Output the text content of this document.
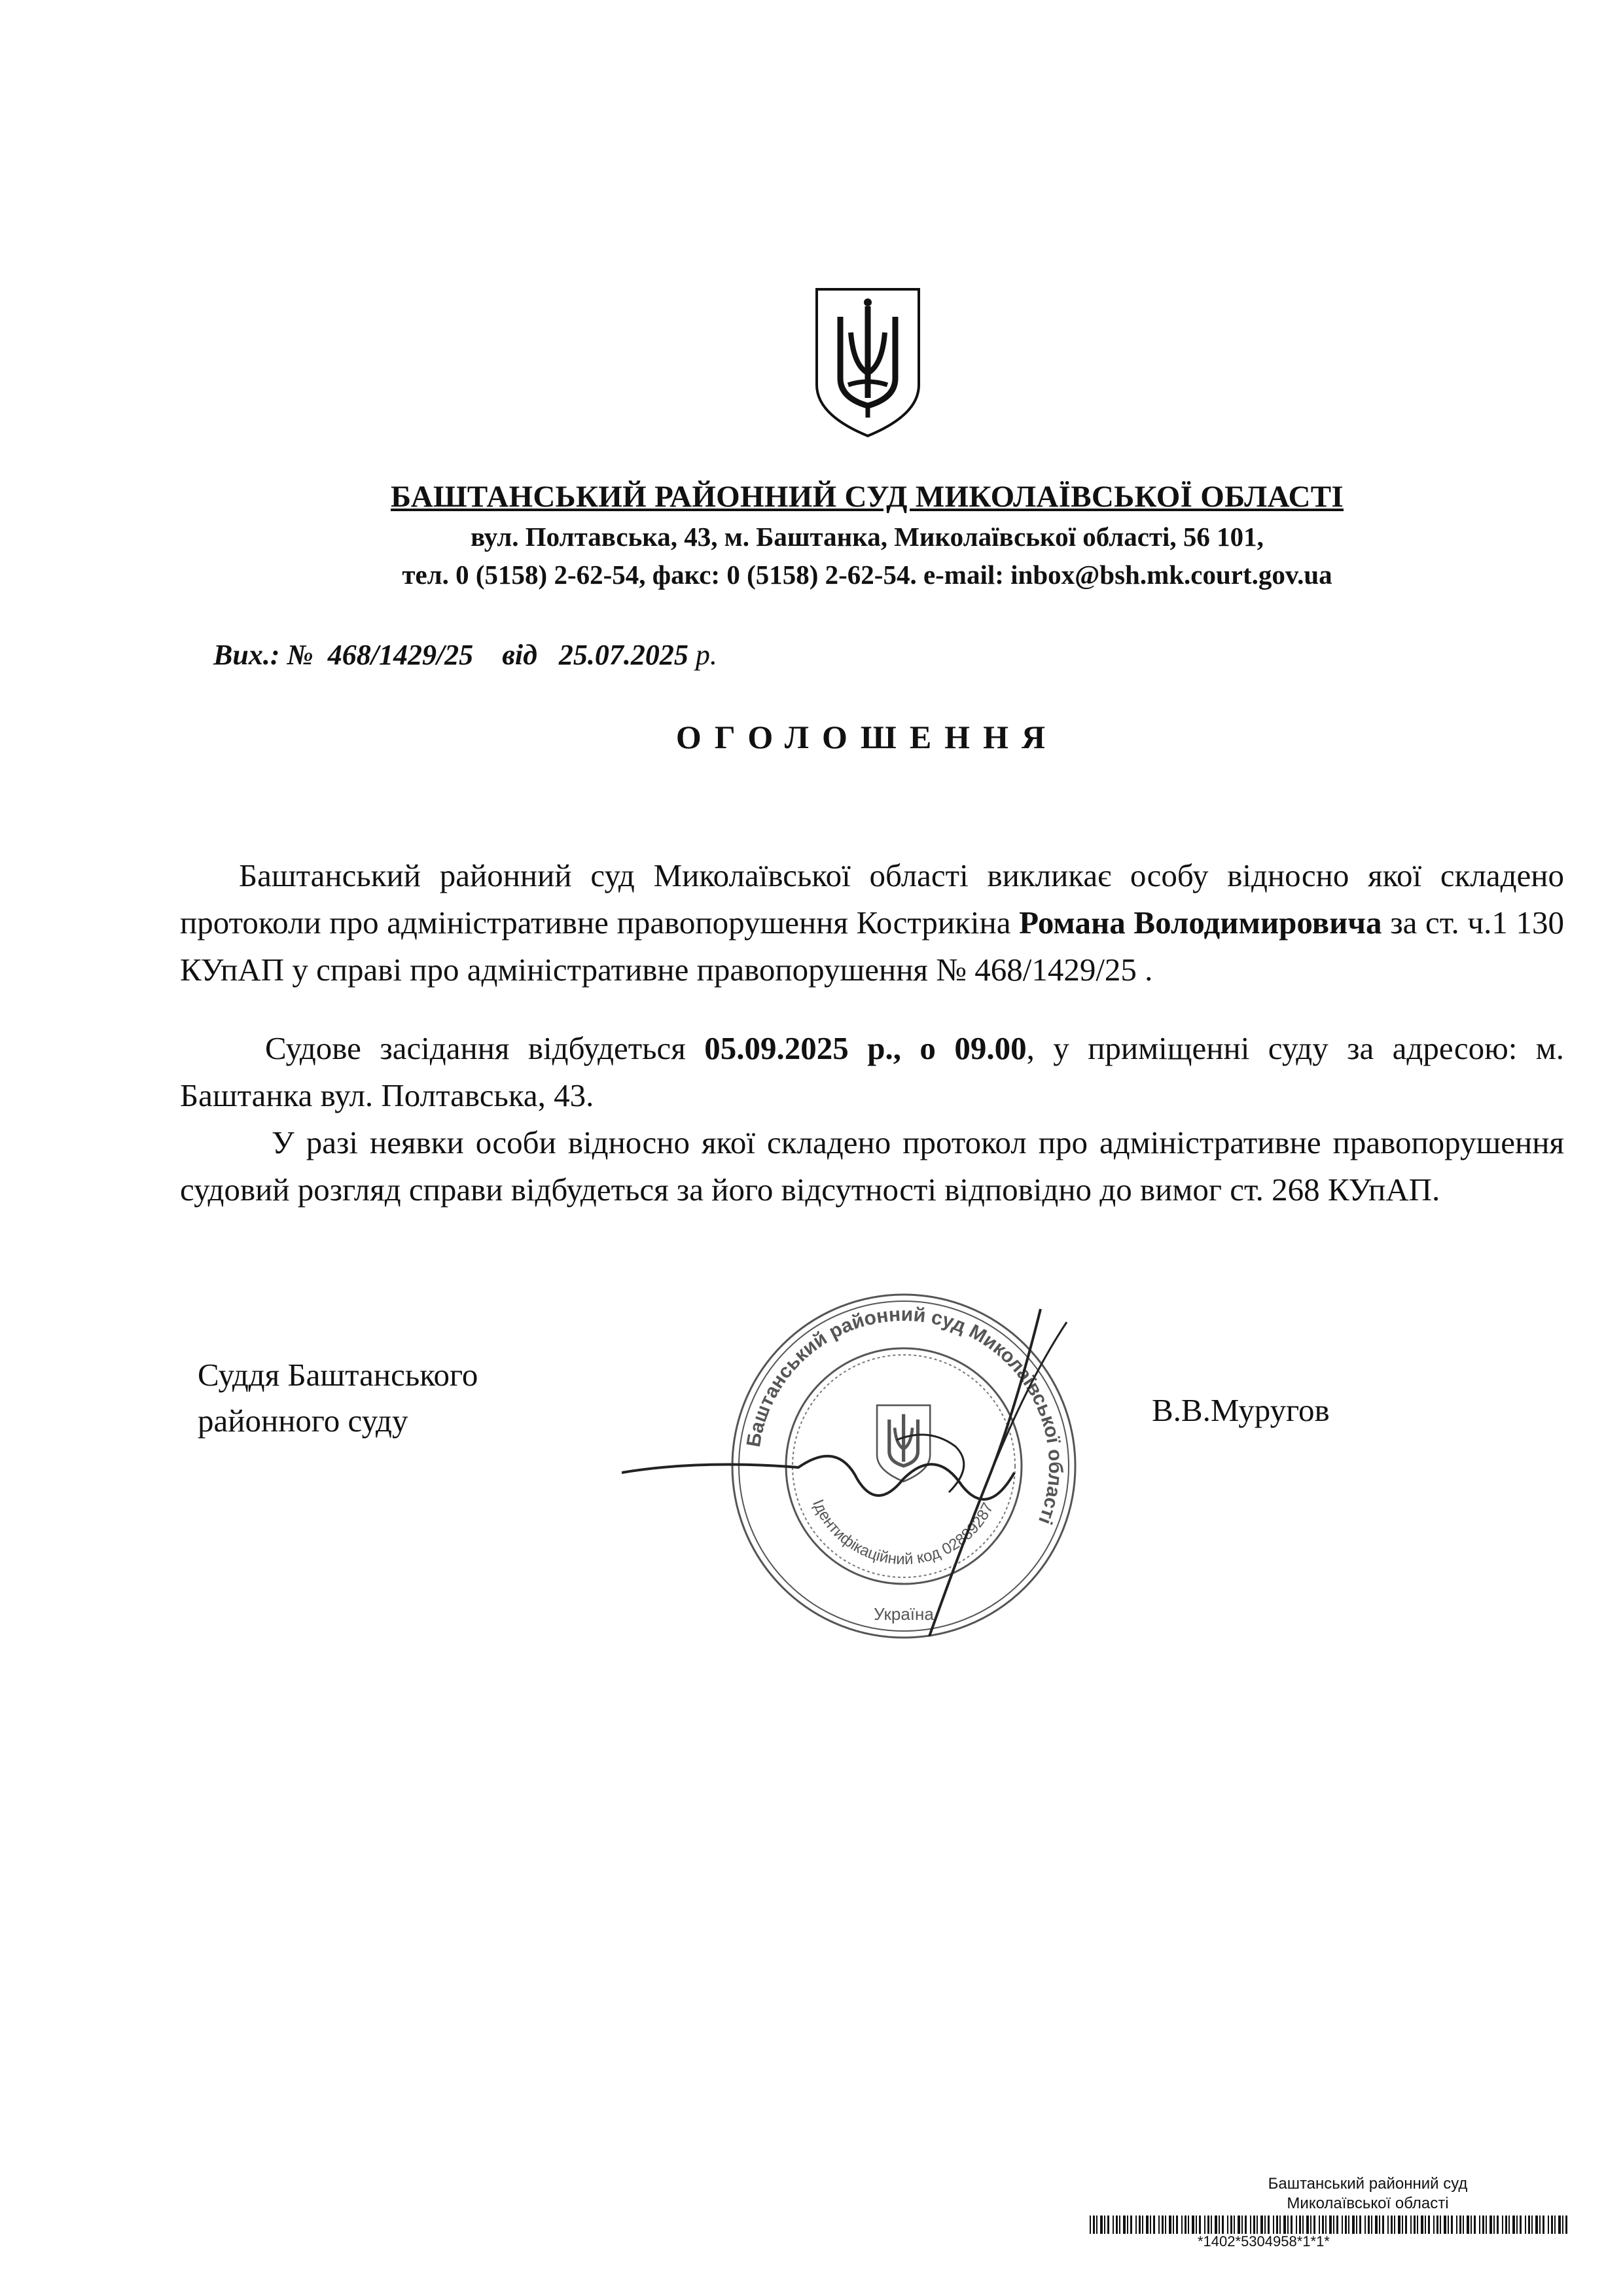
БАШТАНСЬКИЙ РАЙОННИЙ СУД МИКОЛАЇВСЬКОЇ ОБЛАСТІ
вул. Полтавська, 43, м. Баштанка, Миколаївської області, 56 101,
тел. 0 (5158) 2-62-54, факс: 0 (5158) 2-62-54. e-mail: inbox@bsh.mk.court.gov.ua
Вих.: № 468/1429/25 від 25.07.2025 р.
ОГОЛОШЕННЯ
Баштанський районний суд Миколаївської області викликає особу відносно якої складено протоколи про адміністративне правопорушення Кострикіна Романа Володимировича за ст. ч.1 130 КУпАП у справі про адміністративне правопорушення № 468/1429/25 .
Судове засідання відбудеться 05.09.2025 р., о 09.00, у приміщенні суду за адресою: м. Баштанка вул. Полтавська, 43.
У разі неявки особи відносно якої складено протокол про адміністративне правопорушення судовий розгляд справи відбудеться за його відсутності відповідно до вимог ст. 268 КУпАП.
Суддя Баштанського
районного суду	В.В.Муругов
Баштанський районний суд Миколаївської області
Ідентифікаційний код 02889287
Україна
Баштанський районний суд
Миколаївської області
*1402*5304958*1*1*
